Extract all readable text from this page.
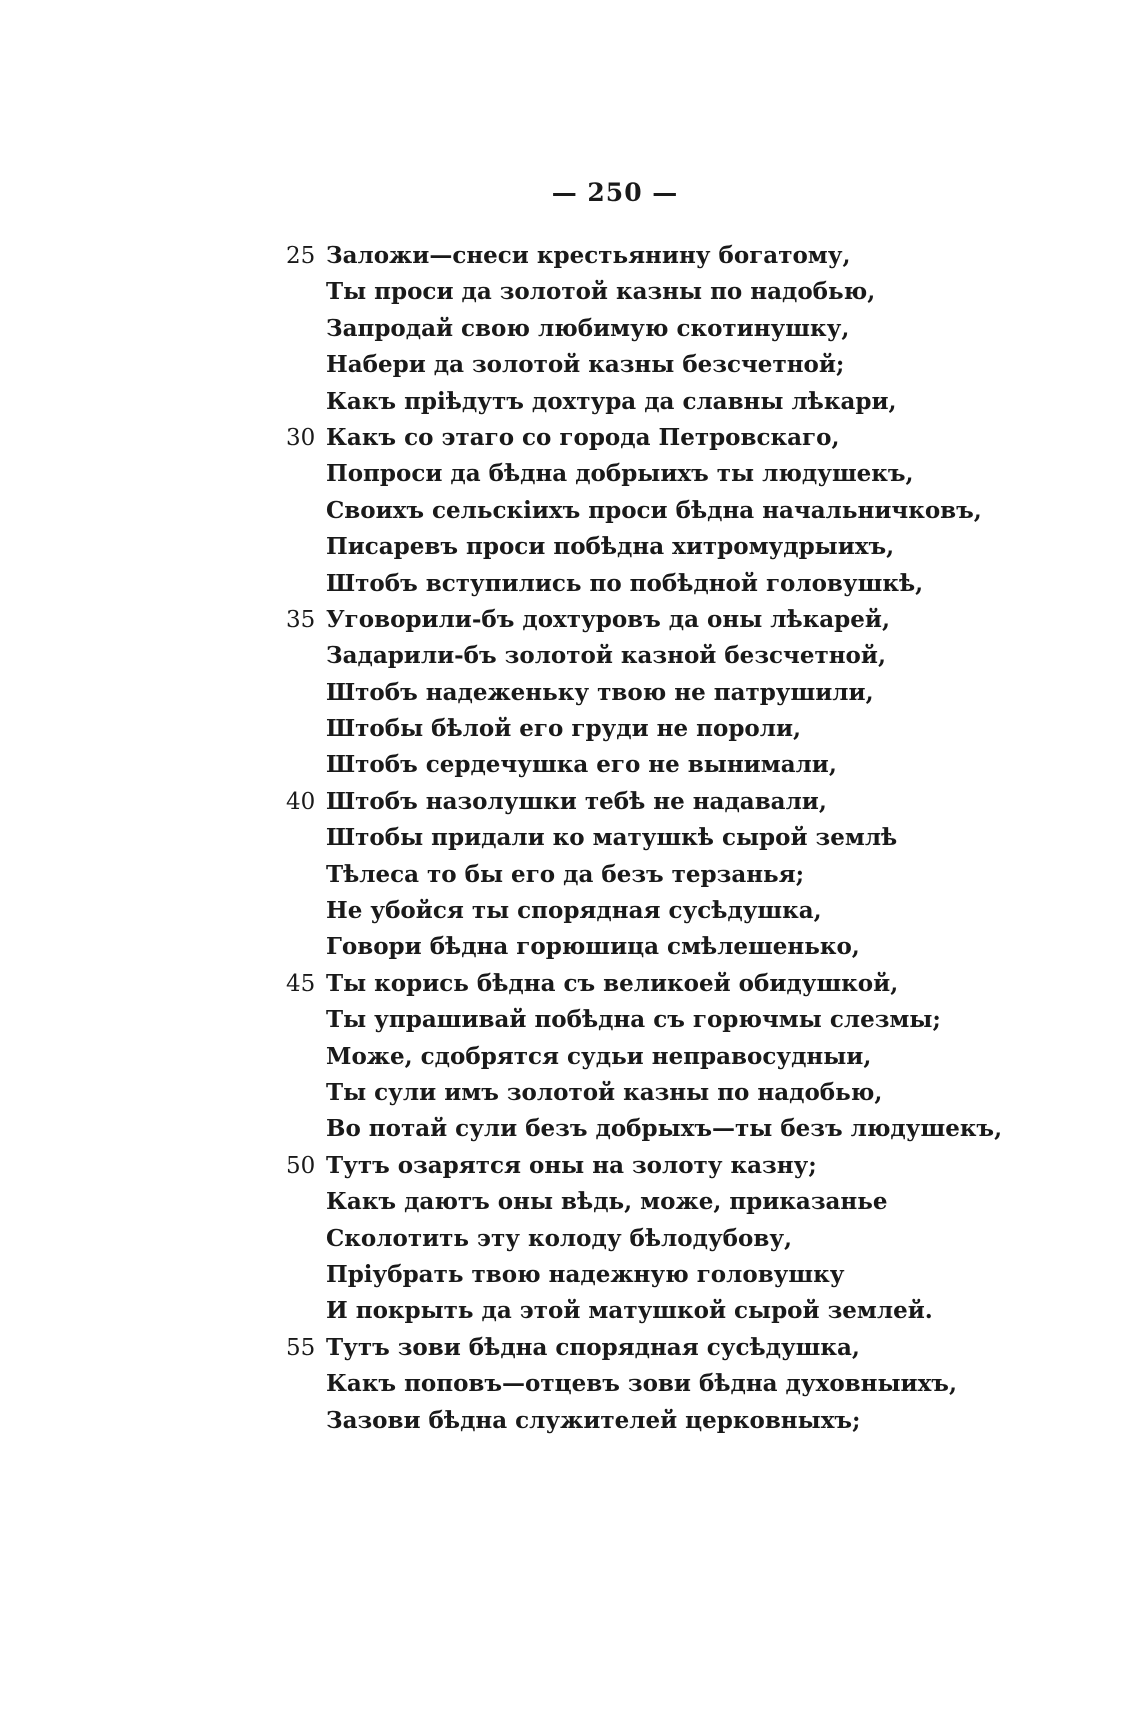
— 250 —
25 Заложи—снеси крестьянину богатому,
Ты проси да золотой казны по надобью,
Запродай свою любимую скотинушку,
Набери да золотой казны безсчетной;
Какъ прiѣдутъ дохтура да славны лѣкари,
30 Какъ со этаго со города Петровскаго,
Попроси да бѣдна добрыихъ ты людушекъ,
Своихъ сельскiихъ проси бѣдна начальничковъ,
Писаревъ проси побѣдна хитромудрыихъ,
Штобъ вступились по побѣдной головушкѣ,
35 Уговорили-бъ дохтуровъ да оны лѣкарей,
Задарили-бъ золотой казной безсчетной,
Штобъ надеженьку твою не патрушили,
Штобы бѣлой его груди не пороли,
Штобъ сердечушка его не вынимали,
40 Штобъ назолушки тебѣ не надавали,
Штобы придали ко матушкѣ сырой землѣ
Тѣлеса то бы его да безъ терзанья;
Не убойся ты спорядная сусѣдушка,
Говори бѣдна горюшица смѣлешенько,
45 Ты корись бѣдна съ великоей обидушкой,
Ты упрашивай побѣдна съ горючмы слезмы;
Може, сдобрятся судьи неправосудныи,
Ты сули имъ золотой казны по надобью,
Во потай сули безъ добрыхъ—ты безъ людушекъ,
50 Тутъ озарятся оны на золоту казну;
Какъ даютъ оны вѣдь, може, приказанье
Сколотить эту колоду бѣлодубову,
Прiубрать твою надежную головушку
И покрыть да этой матушкой сырой землей.
55 Тутъ зови бѣдна спорядная сусѣдушка,
Какъ поповъ—отцевъ зови бѣдна духовныихъ,
Зазови бѣдна служителей церковныхъ;
